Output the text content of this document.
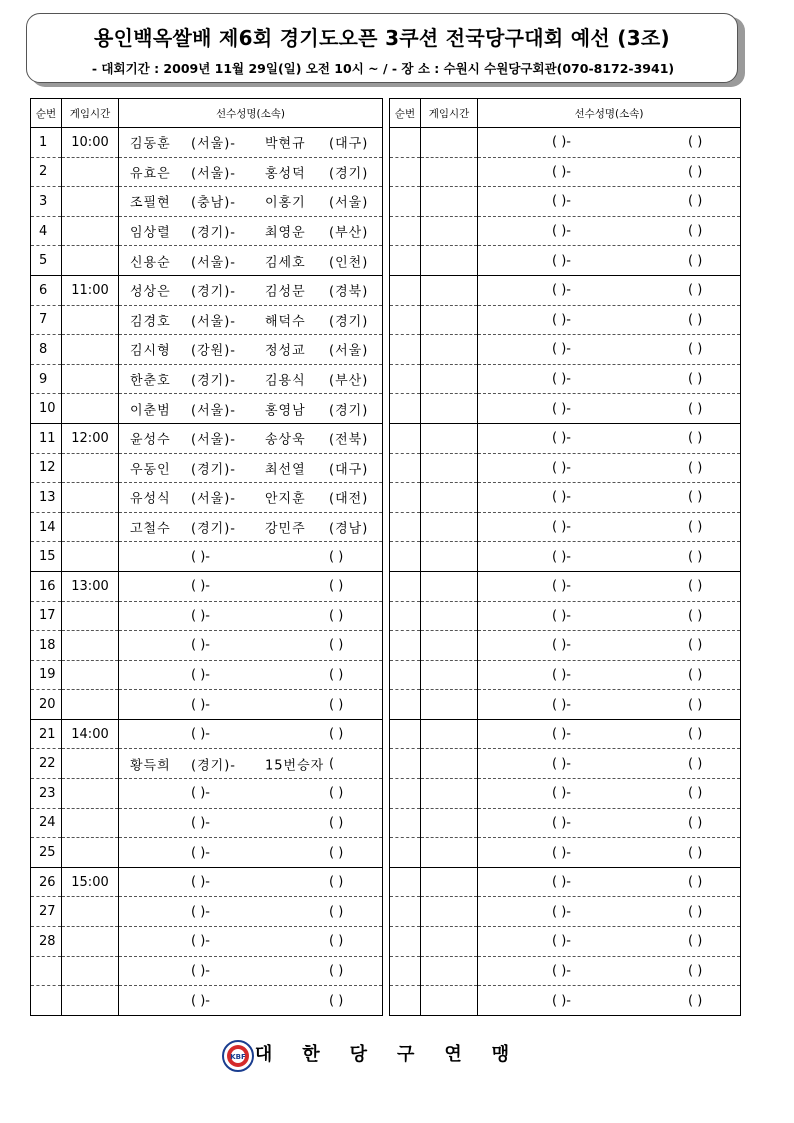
용인백옥쌀배 제6회 경기도오픈 3쿠션 전국당구대회 예선 (3조)
- 대회기간 : 2009년 11월 29일(일) 오전 10시 ~ / - 장 소 : 수원시 수원당구회관(070-8172-3941)
순번	게임시간	선수성명(소속)
1	10:00	김동훈 (서울)- 박현규 (대구)

2		유효은 (서울)- 홍성덕 (경기)

3		조필현 (충남)- 이홍기 (서울)

4		임상렬 (경기)- 최영운 (부산)

5		신용순 (서울)- 김세호 (인천)

6	11:00	성상은 (경기)- 김성문 (경북)

7		김경호 (서울)- 해덕수 (경기)

8		김시형 (강원)- 정성교 (서울)

9		한춘호 (경기)- 김용식 (부산)

10		이춘범 (서울)- 홍영남 (경기)

11	12:00	윤성수 (서울)- 송상욱 (전북)

12		우동인 (경기)- 최선열 (대구)

13		유성식 (서울)- 안지훈 (대전)

14		고철수 (경기)- 강민주 (경남)

15		( )- ( )

16	13:00	( )- ( )

17		( )- ( )

18		( )- ( )

19		( )- ( )

20		( )- ( )

21	14:00	( )- ( )

22		황득희 (경기)- 15번승자 (

23		( )- ( )

24		( )- ( )

25		( )- ( )

26	15:00	( )- ( )

27		( )- ( )

28		( )- ( )

		( )- ( )

		( )- ( )
순번	게임시간	선수성명(소속)

		( )- ( )

		( )- ( )

		( )- ( )

		( )- ( )

		( )- ( )

		( )- ( )

		( )- ( )

		( )- ( )

		( )- ( )

		( )- ( )

		( )- ( )

		( )- ( )

		( )- ( )

		( )- ( )

		( )- ( )

		( )- ( )

		( )- ( )

		( )- ( )

		( )- ( )

		( )- ( )

		( )- ( )

		( )- ( )

		( )- ( )

		( )- ( )

		( )- ( )

		( )- ( )

		( )- ( )

		( )- ( )

		( )- ( )

		( )- ( )
KBF 대한당구연맹
